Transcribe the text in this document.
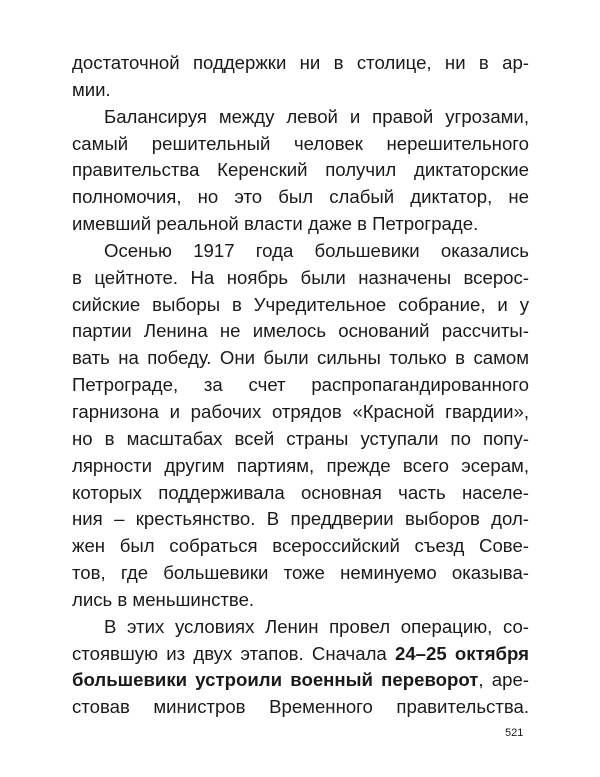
достаточной поддержки ни в столице, ни в ар-
мии.
Балансируя между левой и правой угрозами,
самый решительный человек нерешительного
правительства Керенский получил диктаторские
полномочия, но это был слабый диктатор, не
имевший реальной власти даже в Петрограде.
Осенью 1917 года большевики оказались
в цейтноте. На ноябрь были назначены всерос-
сийские выборы в Учредительное собрание, и у
партии Ленина не имелось оснований рассчиты-
вать на победу. Они были сильны только в самом
Петрограде, за счет распропагандированного
гарнизона и рабочих отрядов «Красной гвардии»,
но в масштабах всей страны уступали по попу-
лярности другим партиям, прежде всего эсерам,
которых поддерживала основная часть населе-
ния – крестьянство. В преддверии выборов дол-
жен был собраться всероссийский съезд Сове-
тов, где большевики тоже неминуемо оказыва-
лись в меньшинстве.
В этих условиях Ленин провел операцию, со-
стоявшую из двух этапов. Сначала 24–25 октября
большевики устроили военный переворот, аре-
стовав министров Временного правительства.
521
